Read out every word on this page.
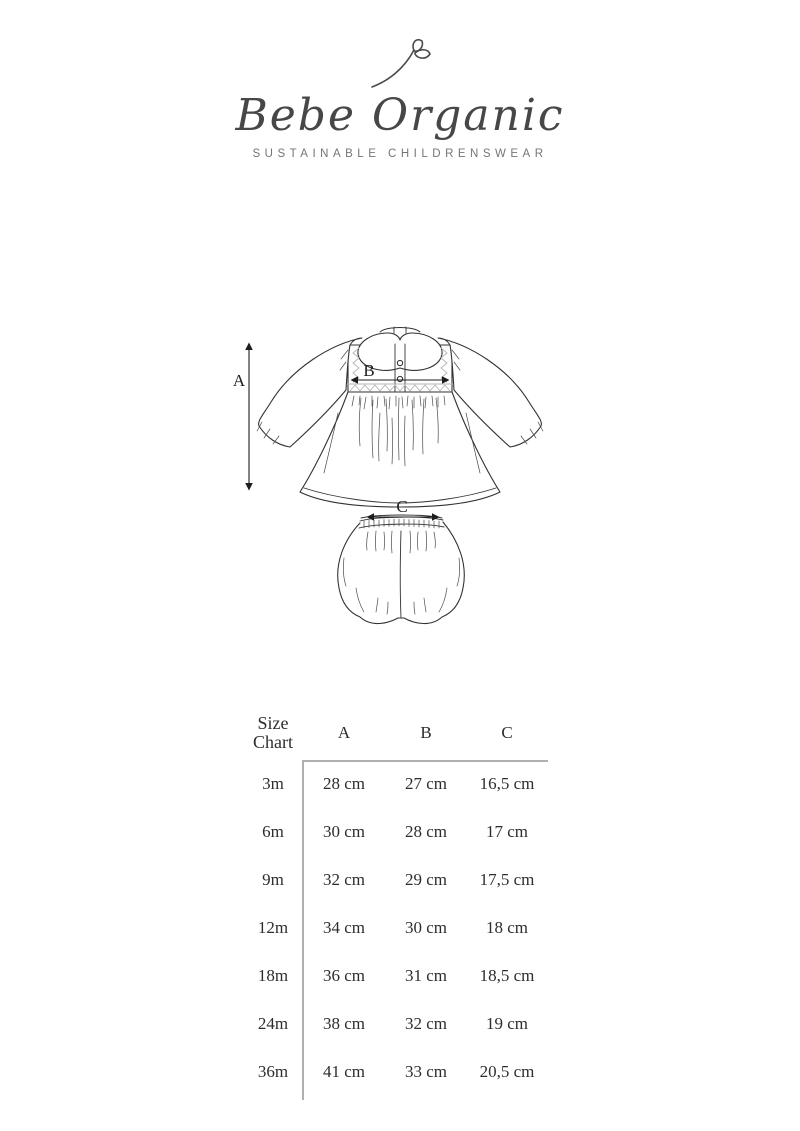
Bebe Organic
SUSTAINABLE CHILDRENSWEAR
A
B
C
Size
Chart	A	B	C
3m	28 cm	27 cm	16,5 cm
6m	30 cm	28 cm	17 cm
9m	32 cm	29 cm	17,5 cm
12m	34 cm	30 cm	18 cm
18m	36 cm	31 cm	18,5 cm
24m	38 cm	32 cm	19 cm
36m	41 cm	33 cm	20,5 cm
